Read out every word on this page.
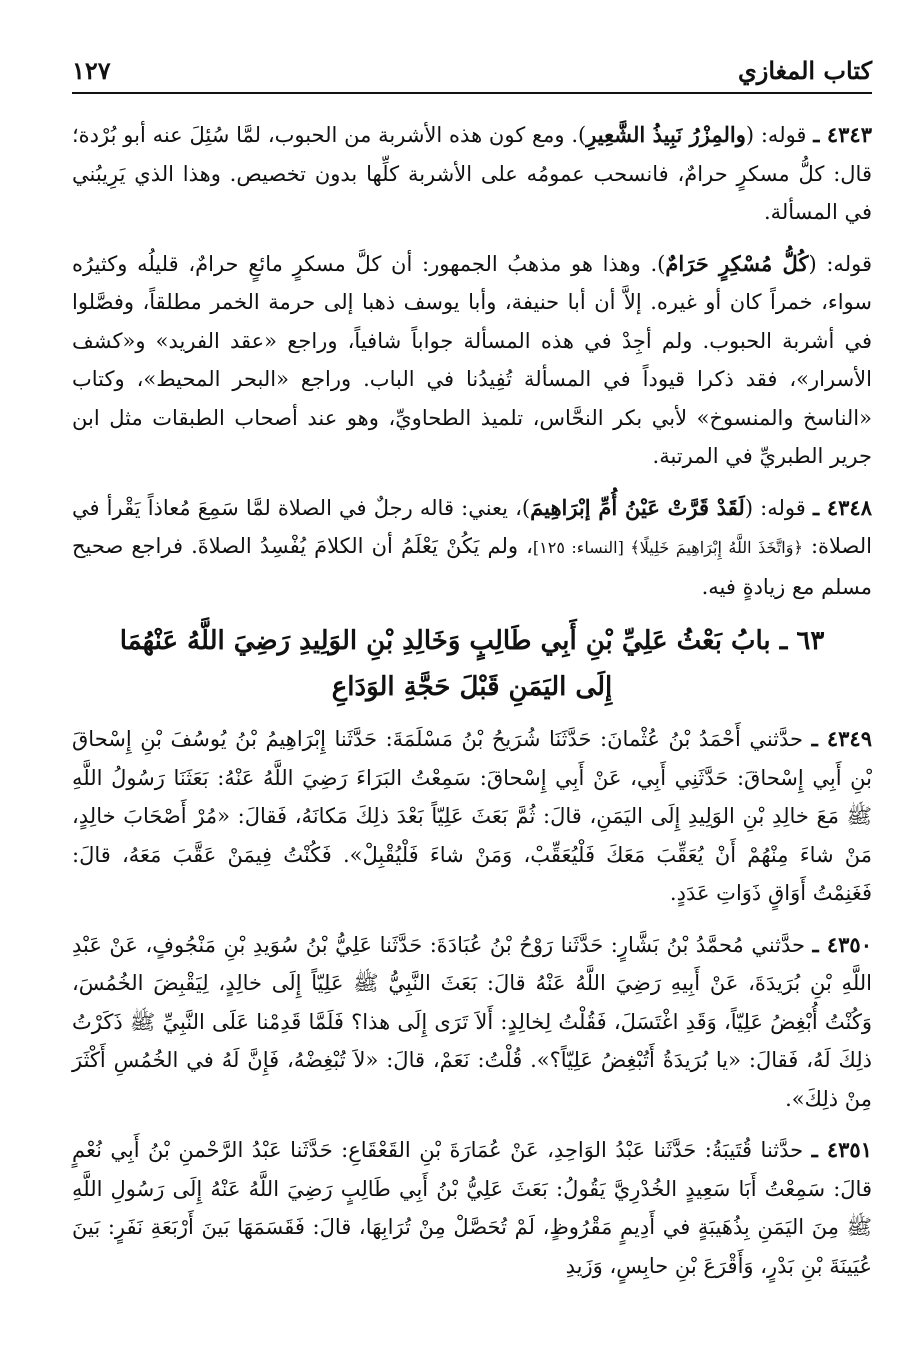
كتاب المغازي
١٢٧

٤٣٤٣ ـ قوله: (والمِزْرُ نَبِيذُ الشَّعِيرِ). ومع كون هذه الأشربة من الحبوب، لمَّا سُئِلَ عنه أبو بُرْدة؛ قال: كلُّ مسكرٍ حرامٌ، فانسحب عمومُه على الأشربة كلِّها بدون تخصيص. وهذا الذي يَرِيبُني في المسألة.

قوله: (كُلُّ مُسْكِرٍ حَرَامٌ). وهذا هو مذهبُ الجمهور: أن كلَّ مسكرٍ مائعٍ حرامٌ، قليلُه وكثيرُه سواء، خمراً كان أو غيره. إلاَّ أن أبا حنيفة، وأبا يوسف ذهبا إلى حرمة الخمر مطلقاً، وفصَّلوا في أشربة الحبوب. ولم أجِدْ في هذه المسألة جواباً شافياً، وراجع «عقد الفريد» و«كشف الأسرار»، فقد ذكرا قيوداً في المسألة تُفِيدُنا في الباب. وراجع «البحر المحيط»، وكتاب «الناسخ والمنسوخ» لأبي بكر النحَّاس، تلميذ الطحاويِّ، وهو عند أصحاب الطبقات مثل ابن جرير الطبريِّ في المرتبة.

٤٣٤٨ ـ قوله: (لَقَدْ قَرَّتْ عَيْنُ أُمِّ إبْرَاهِيمَ)، يعني: قاله رجلٌ في الصلاة لمَّا سَمِعَ مُعاذاً يَقْرأ في الصلاة: ﴿وَاتَّخَذَ اللَّهُ إِبْرَاهِيمَ خَلِيلًا﴾ [النساء: ١٢٥]، ولم يَكُنْ يَعْلَمُ أن الكلامَ يُفْسِدُ الصلاةَ. فراجع صحيح مسلم مع زيادةٍ فيه.

٦٣ ـ بابُ بَعْثُ عَلِيِّ بْنِ أَبِي طَالِبٍ وَخَالِدِ بْنِ الوَلِيدِ رَضِيَ اللَّهُ عَنْهُمَا
إِلَى اليَمَنِ قَبْلَ حَجَّةِ الوَدَاعِ

٤٣٤٩ ـ حدَّثني أَحْمَدُ بْنُ عُثْمانَ: حَدَّثَنَا شُرَيحُ بْنُ مَسْلَمَةَ: حَدَّثَنا إِبْرَاهِيمُ بْنُ يُوسُفَ بْنِ إِسْحاقَ بْنِ أَبِي إِسْحاقَ: حَدَّثَنِي أَبِي، عَنْ أَبِي إِسْحاقَ: سَمِعْتُ البَرَاءَ رَضِيَ اللَّهُ عَنْهُ: بَعَثَنَا رَسُولُ اللَّهِ ﷺ مَعَ خالِدِ بْنِ الوَلِيدِ إِلَى اليَمَنِ، قالَ: ثُمَّ بَعَثَ عَلِيّاً بَعْدَ ذلِكَ مَكانَهُ، فَقالَ: «مُرْ أَصْحَابَ خالِدٍ، مَنْ شاءَ مِنْهُمْ أَنْ يُعَقِّبَ مَعَكَ فَلْيُعَقِّبْ، وَمَنْ شاءَ فَلْيُقْبِلْ». فَكُنْتُ فِيمَنْ عَقَّبَ مَعَهُ، قالَ: فَغَنِمْتُ أَوَاقٍ ذَوَاتِ عَدَدٍ.

٤٣٥٠ ـ حدَّثني مُحمَّدُ بْنُ بَشَّارٍ: حَدَّثَنا رَوْحُ بْنُ عُبَادَةَ: حَدَّثَنا عَلِيُّ بْنُ سُوَيدِ بْنِ مَنْجُوفٍ، عَنْ عَبْدِ اللَّهِ بْنِ بُرَيدَةَ، عَنْ أَبِيهِ رَضِيَ اللَّهُ عَنْهُ قالَ: بَعَثَ النَّبِيُّ ﷺ عَلِيّاً إِلَى خالِدٍ، لِيَقْبِضَ الخُمُسَ، وَكُنْتُ أُبْغِضُ عَلِيّاً، وَقَدِ اغْتَسَلَ، فَقُلْتُ لِخالِدٍ: أَلاَ تَرَى إِلَى هذا؟ فَلَمَّا قَدِمْنا عَلَى النَّبِيِّ ﷺ ذَكَرْتُ ذلِكَ لَهُ، فَقالَ: «يا بُرَيدَةُ أَتُبْغِضُ عَلِيّاً؟». قُلْتُ: نَعَمْ، قالَ: «لاَ تُبْغِضْهُ، فَإِنَّ لَهُ في الخُمُسِ أَكْثَرَ مِنْ ذلِكَ».

٤٣٥١ ـ حدَّثنا قُتَيبَةُ: حَدَّثَنا عَبْدُ الوَاحِدِ، عَنْ عُمَارَةَ بْنِ القَعْقَاعِ: حَدَّثَنا عَبْدُ الرَّحْمنِ بْنُ أَبِي نُعْمٍ قالَ: سَمِعْتُ أَبَا سَعِيدٍ الخُدْرِيَّ يَقُولُ: بَعَثَ عَلِيُّ بْنُ أَبِي طَالِبٍ رَضِيَ اللَّهُ عَنْهُ إِلَى رَسُولِ اللَّهِ ﷺ مِنَ اليَمَنِ بِذُهَيبَةٍ في أَدِيمٍ مَقْرُوظٍ، لَمْ تُحَصَّلْ مِنْ تُرَابِهَا، قالَ: فَقَسَمَهَا بَينَ أَرْبَعَةِ نَفَرٍ: بَينَ عُيَينَةَ بْنِ بَدْرٍ، وَأَقْرَعَ بْنِ حابِسٍ، وَزَيدِ
